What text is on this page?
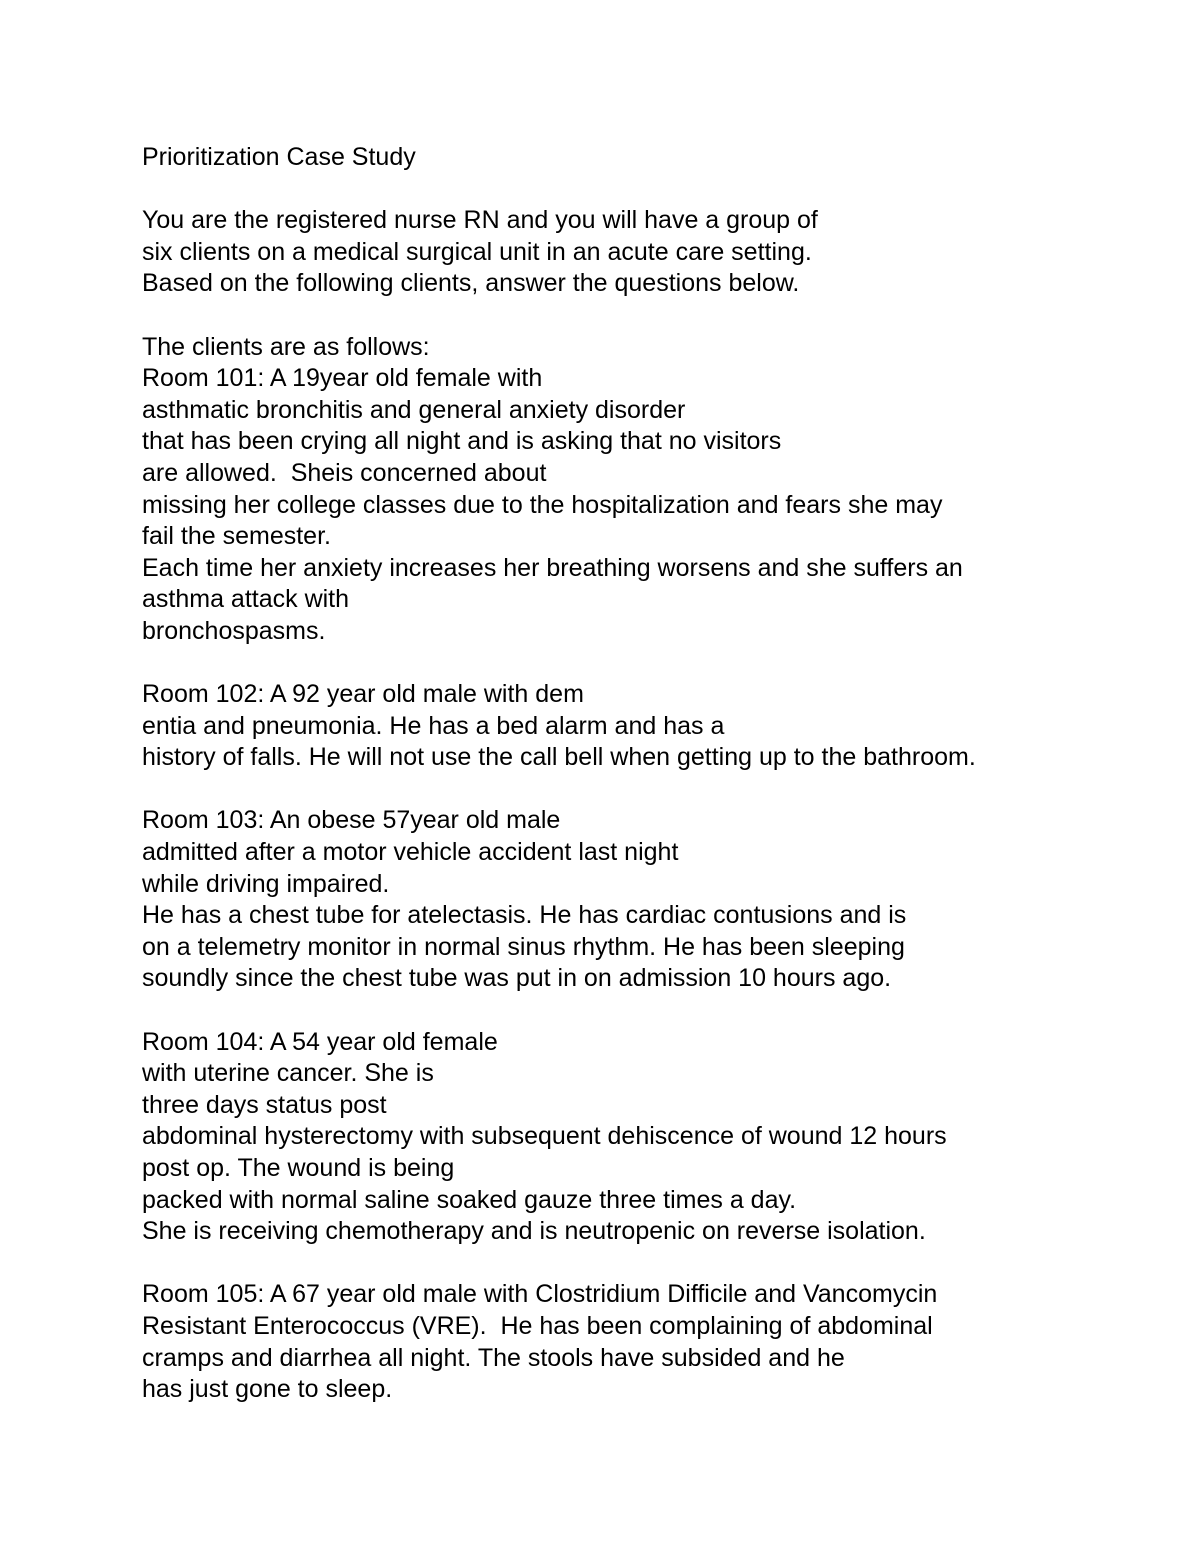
Prioritization Case Study
You are the registered nurse RN and you will have a group of
six clients on a medical surgical unit in an acute care setting.
Based on the following clients, answer the questions below.
The clients are as follows:
Room 101: A 19year old female with
asthmatic bronchitis and general anxiety disorder
that has been crying all night and is asking that no visitors
are allowed.  Sheis concerned about
missing her college classes due to the hospitalization and fears she may
fail the semester.
Each time her anxiety increases her breathing worsens and she suffers an
asthma attack with
bronchospasms.
Room 102: A 92 year old male with dem
entia and pneumonia. He has a bed alarm and has a
history of falls. He will not use the call bell when getting up to the bathroom.
Room 103: An obese 57year old male
admitted after a motor vehicle accident last night
while driving impaired.
He has a chest tube for atelectasis. He has cardiac contusions and is
on a telemetry monitor in normal sinus rhythm. He has been sleeping
soundly since the chest tube was put in on admission 10 hours ago.
Room 104: A 54 year old female
with uterine cancer. She is
three days status post
abdominal hysterectomy with subsequent dehiscence of wound 12 hours
post op. The wound is being
packed with normal saline soaked gauze three times a day.
She is receiving chemotherapy and is neutropenic on reverse isolation.
Room 105: A 67 year old male with Clostridium Difficile and Vancomycin
Resistant Enterococcus (VRE).  He has been complaining of abdominal
cramps and diarrhea all night. The stools have subsided and he
has just gone to sleep.
